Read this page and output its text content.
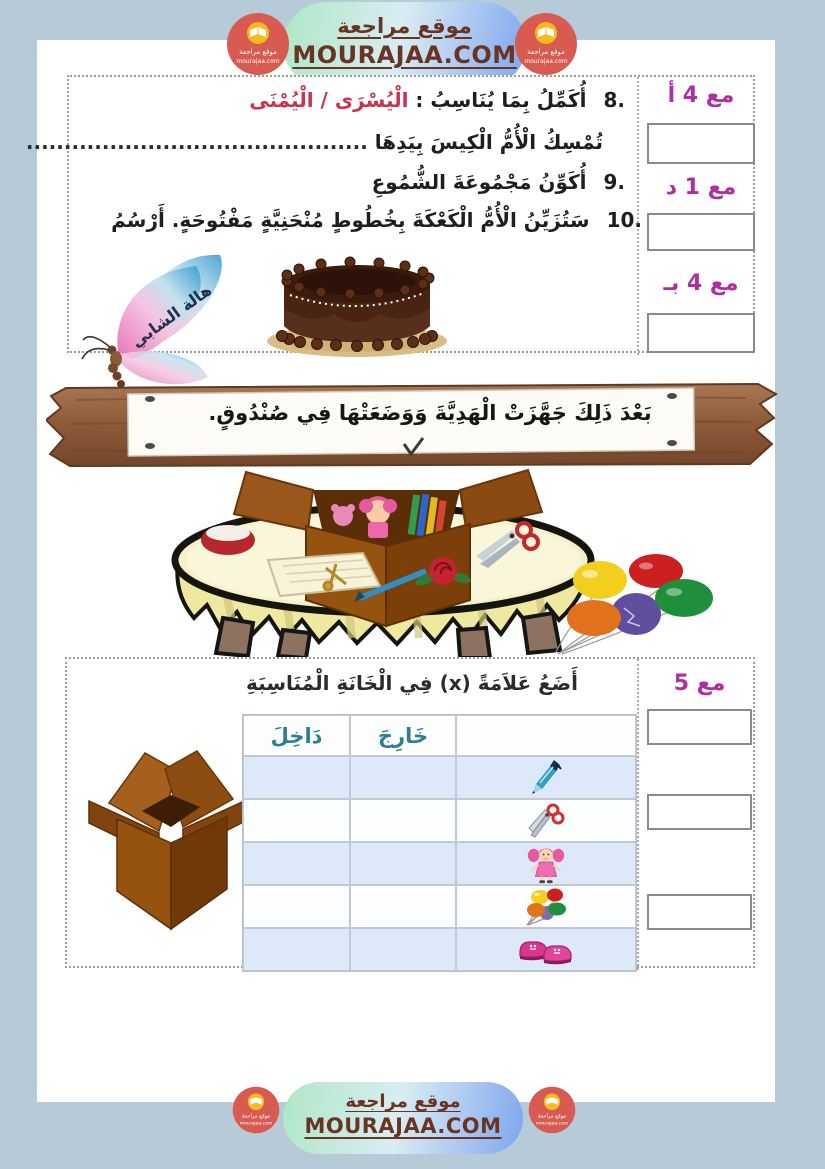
موقع مراجعة
MOURAJAA.COM
موقع مراجعة
mourajaa.com
موقع مراجعة
mourajaa.com
8. أُكَمِّلُ بِمَا يُنَاسِبُ : الْيُسْرَى / الْيُمْنَى
تُمْسِكُ الْأُمُّ الْكِيسَ بِيَدِهَا .............................................
9. أُكَوِّنُ مَجْمُوعَةَ الشُّمُوعِ
10. سَتُزَيِّنُ الْأُمُّ الْكَعْكَةَ بِخُطُوطٍ مُنْحَنِيَّةٍ مَفْتُوحَةٍ. أَرْسُمُ
مع 4 أ
مع 1 د
مع 4 بـ
هالة الشابي
بَعْدَ ذَلِكَ جَهَّزَتْ الْهَدِيَّةَ وَوَضَعَتْهَا فِي صُنْدُوقٍ.
أَضَعُ عَلاَمَةً (x) فِي الْخَانَةِ الْمُنَاسِبَةِ
خَارِجَ
دَاخِلَ
مع 5
موقع مراجعة
MOURAJAA.COM
موقع مراجعة
mourajaa.com
موقع مراجعة
mourajaa.com
